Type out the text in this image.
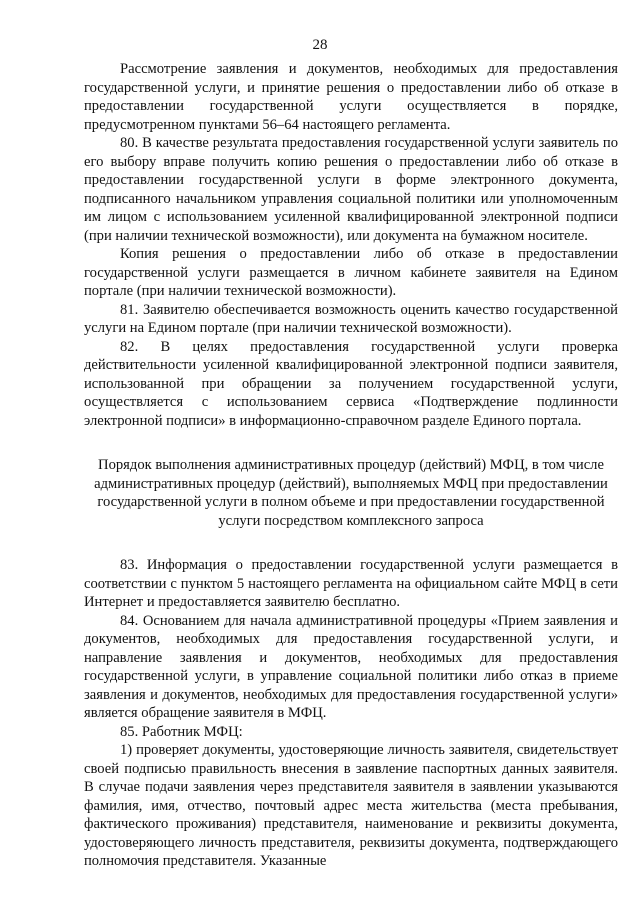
28

Рассмотрение заявления и документов, необходимых для предоставления государственной услуги, и принятие решения о предоставлении либо об отказе в предоставлении государственной услуги осуществляется в порядке, предусмотренном пунктами 56–64 настоящего регламента.

80. В качестве результата предоставления государственной услуги заявитель по его выбору вправе получить копию решения о предоставлении либо об отказе в предоставлении государственной услуги в форме электронного документа, подписанного начальником управления социальной политики или уполномоченным им лицом с использованием усиленной квалифицированной электронной подписи (при наличии технической возможности), или документа на бумажном носителе.

Копия решения о предоставлении либо об отказе в предоставлении государственной услуги размещается в личном кабинете заявителя на Едином портале (при наличии технической возможности).

81. Заявителю обеспечивается возможность оценить качество государственной услуги на Едином портале (при наличии технической возможности).

82. В целях предоставления государственной услуги проверка действительности усиленной квалифицированной электронной подписи заявителя, использованной при обращении за получением государственной услуги, осуществляется с использованием сервиса «Подтверждение подлинности электронной подписи» в информационно-справочном разделе Единого портала.

Порядок выполнения административных процедур (действий) МФЦ, в том числе административных процедур (действий), выполняемых МФЦ при предоставлении государственной услуги в полном объеме и при предоставлении государственной услуги посредством комплексного запроса

83. Информация о предоставлении государственной услуги размещается в соответствии с пунктом 5 настоящего регламента на официальном сайте МФЦ в сети Интернет и предоставляется заявителю бесплатно.

84. Основанием для начала административной процедуры «Прием заявления и документов, необходимых для предоставления государственной услуги, и направление заявления и документов, необходимых для предоставления государственной услуги, в управление социальной политики либо отказ в приеме заявления и документов, необходимых для предоставления государственной услуги» является обращение заявителя в МФЦ.

85. Работник МФЦ:

1) проверяет документы, удостоверяющие личность заявителя, свидетельствует своей подписью правильность внесения в заявление паспортных данных заявителя. В случае подачи заявления через представителя заявителя в заявлении указываются фамилия, имя, отчество, почтовый адрес места жительства (места пребывания, фактического проживания) представителя, наименование и реквизиты документа, удостоверяющего личность представителя, реквизиты документа, подтверждающего полномочия представителя. Указанные
